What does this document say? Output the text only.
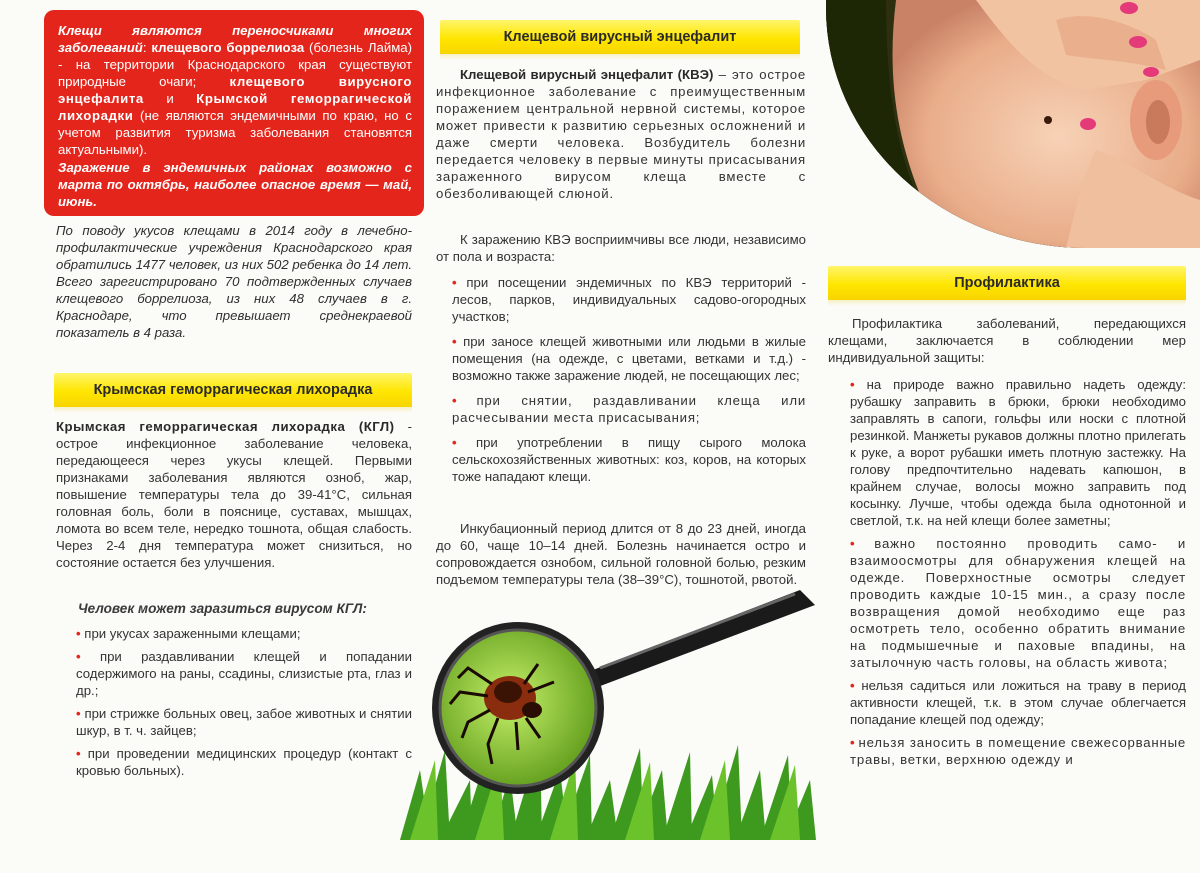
Клещи являются переносчиками многих заболеваний: клещевого боррелиоза (болезнь Лайма) - на территории Краснодарского края существуют природные очаги; клещевого вирусного энцефалита и Крымской геморрагической лихорадки (не являются эндемичными по краю, но с учетом развития туризма заболевания становятся актуальными).
Заражение в эндемичных районах возможно с марта по октябрь, наиболее опасное время — май, июнь.
По поводу укусов клещами в 2014 году в лечебно-профилактические учреждения Краснодарского края обратились 1477 человек, из них 502 ребенка до 14 лет. Всего зарегистрировано 70 подтвержденных случаев клещевого боррелиоза, из них 48 случаев в г. Краснодаре, что превышает среднекраевой показатель в 4 раза.
Крымская геморрагическая лихорадка
Крымская геморрагическая лихорадка (КГЛ) - острое инфекционное заболевание человека, передающееся через укусы клещей. Первыми признаками заболевания являются озноб, жар, повышение температуры тела до 39-41°С, сильная головная боль, боли в пояснице, суставах, мышцах, ломота во всем теле, нередко тошнота, общая слабость. Через 2-4 дня температура может снизиться, но состояние остается без улучшения.
Человек может заразиться вирусом КГЛ:
• при укусах зараженными клещами;
• при раздавливании клещей и попадании содержимого на раны, ссадины, слизистые рта, глаз и др.;
• при стрижке больных овец, забое животных и снятии шкур, в т. ч. зайцев;
• при проведении медицинских процедур (контакт с кровью больных).
Клещевой вирусный энцефалит
Клещевой вирусный энцефалит (КВЭ) – это острое инфекционное заболевание с преимущественным поражением центральной нервной системы, которое может привести к развитию серьезных осложнений и даже смерти человека. Возбудитель болезни передается человеку в первые минуты присасывания зараженного вирусом клеща вместе с обезболивающей слюной.
К заражению КВЭ восприимчивы все люди, независимо от пола и возраста:
• при посещении эндемичных по КВЭ территорий - лесов, парков, индивидуальных садово-огородных участков;
• при заносе клещей животными или людьми в жилые помещения (на одежде, с цветами, ветками и т.д.) - возможно также заражение людей, не посещающих лес;
• при снятии, раздавливании клеща или расчесывании места присасывания;
• при употреблении в пищу сырого молока сельскохозяйственных животных: коз, коров, на которых тоже нападают клещи.
Инкубационный период длится от 8 до 23 дней, иногда до 60, чаще 10–14 дней. Болезнь начинается остро и сопровождается ознобом, сильной головной болью, резким подъемом температуры тела (38–39°С), тошнотой, рвотой.
Профилактика
Профилактика заболеваний, передающихся клещами, заключается в соблюдении мер индивидуальной защиты:
• на природе важно правильно надеть одежду: рубашку заправить в брюки, брюки необходимо заправлять в сапоги, гольфы или носки с плотной резинкой. Манжеты рукавов должны плотно прилегать к руке, а ворот рубашки иметь плотную застежку. На голову предпочтительно надевать капюшон, в крайнем случае, волосы можно заправить под косынку. Лучше, чтобы одежда была однотонной и светлой, т.к. на ней клещи более заметны;
• важно постоянно проводить само- и взаимоосмотры для обнаружения клещей на одежде. Поверхностные осмотры следует проводить каждые 10-15 мин., а сразу после возвращения домой необходимо еще раз осмотреть тело, особенно обратить внимание на подмышечные и паховые впадины, на затылочную часть головы, на область живота;
• нельзя садиться или ложиться на траву в период активности клещей, т.к. в этом случае облегчается попадание клещей под одежду;
• нельзя заносить в помещение свежесорванные травы, ветки, верхнюю одежду и
